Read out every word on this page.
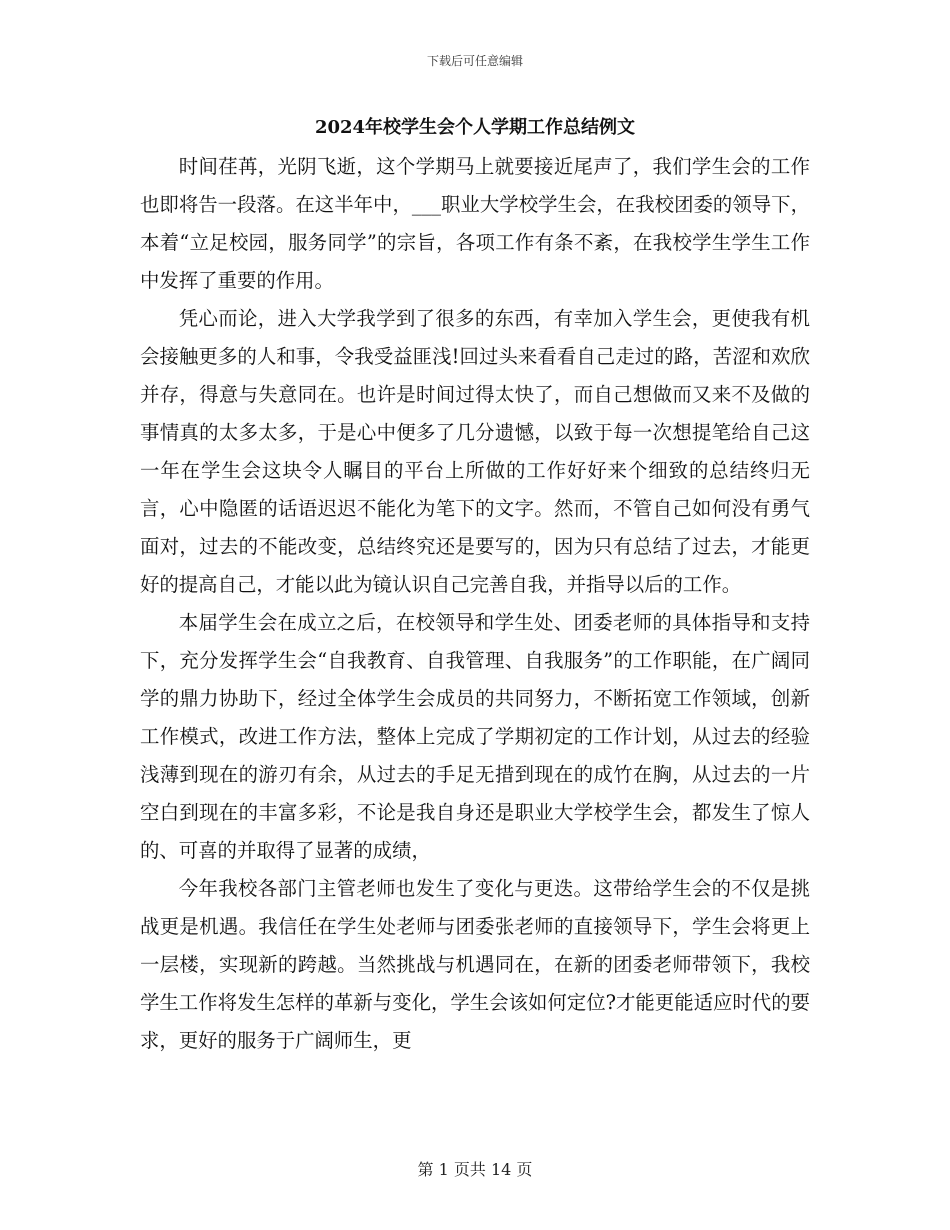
下载后可任意编辑
2024年校学生会个人学期工作总结例文

时间荏苒，光阴飞逝，这个学期马上就要接近尾声了，我们学生会的工作也即将告一段落。在这半年中，___职业大学校学生会，在我校团委的领导下，本着“立足校园，服务同学”的宗旨，各项工作有条不紊，在我校学生学生工作中发挥了重要的作用。

凭心而论，进入大学我学到了很多的东西，有幸加入学生会，更使我有机会接触更多的人和事，令我受益匪浅!回过头来看看自己走过的路，苦涩和欢欣并存，得意与失意同在。也许是时间过得太快了，而自己想做而又来不及做的事情真的太多太多，于是心中便多了几分遗憾，以致于每一次想提笔给自己这一年在学生会这块令人瞩目的平台上所做的工作好好来个细致的总结终归无言，心中隐匿的话语迟迟不能化为笔下的文字。然而，不管自己如何没有勇气面对，过去的不能改变，总结终究还是要写的，因为只有总结了过去，才能更好的提高自己，才能以此为镜认识自己完善自我，并指导以后的工作。

本届学生会在成立之后，在校领导和学生处、团委老师的具体指导和支持下，充分发挥学生会“自我教育、自我管理、自我服务”的工作职能，在广阔同学的鼎力协助下，经过全体学生会成员的共同努力，不断拓宽工作领域，创新工作模式，改进工作方法，整体上完成了学期初定的工作计划，从过去的经验浅薄到现在的游刃有余，从过去的手足无措到现在的成竹在胸，从过去的一片空白到现在的丰富多彩，不论是我自身还是职业大学校学生会，都发生了惊人的、可喜的并取得了显著的成绩，

今年我校各部门主管老师也发生了变化与更迭。这带给学生会的不仅是挑战更是机遇。我信任在学生处老师与团委张老师的直接领导下，学生会将更上一层楼，实现新的跨越。当然挑战与机遇同在，在新的团委老师带领下，我校学生工作将发生怎样的革新与变化，学生会该如何定位?才能更能适应时代的要求，更好的服务于广阔师生，更

第 1 页共 14 页
